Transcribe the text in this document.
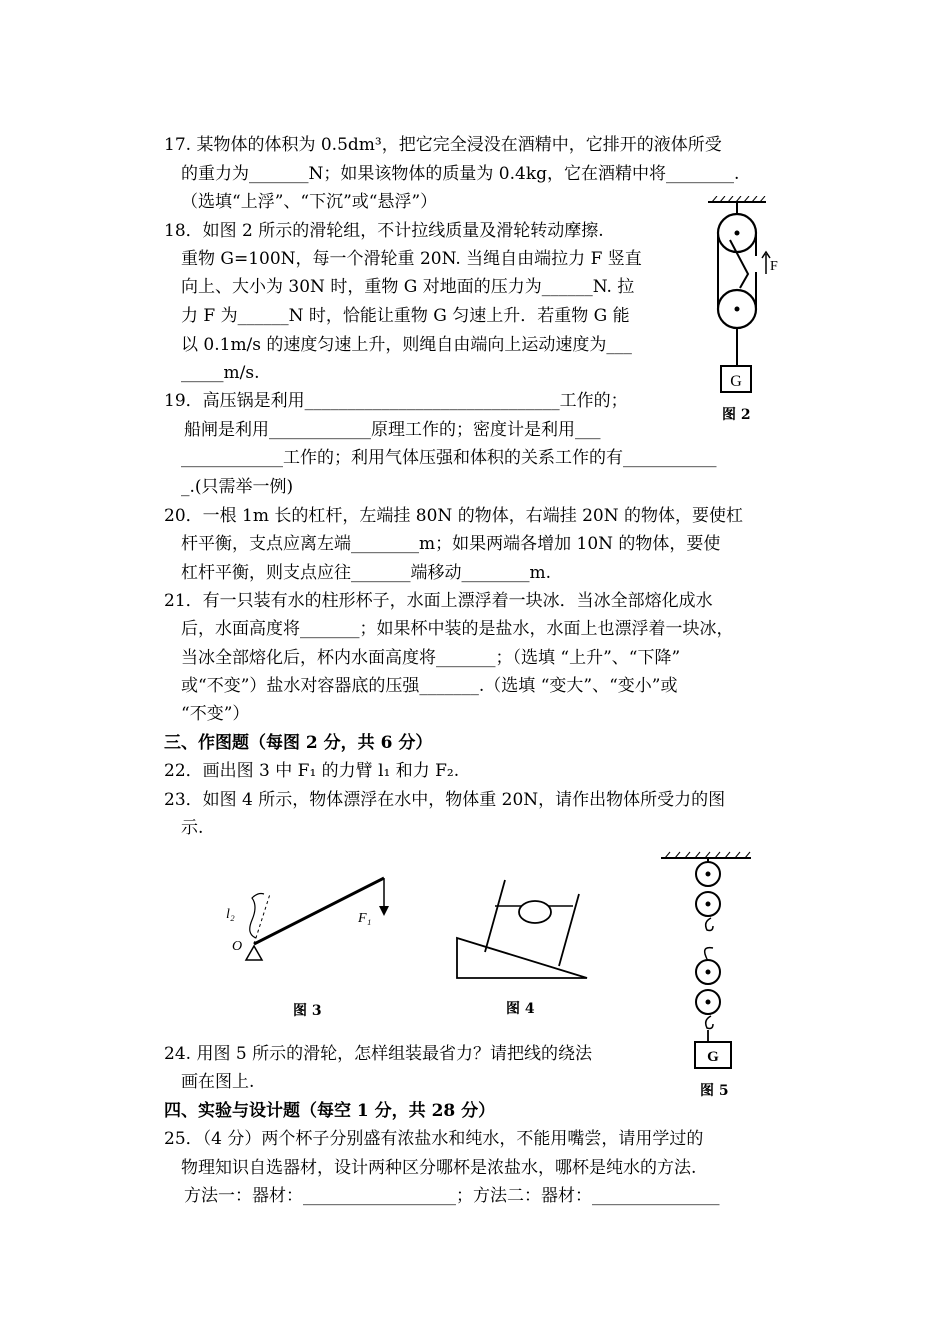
17. 某物体的体积为 0.5dm³，把它完全浸没在酒精中，它排开的液体所受
的重力为_______N；如果该物体的质量为 0.4kg，它在酒精中将________.
（选填“上浮”、“下沉”或“悬浮”）
18．如图 2 所示的滑轮组，不计拉线质量及滑轮转动摩擦.
重物 G=100N，每一个滑轮重 20N. 当绳自由端拉力 F 竖直
向上、大小为 30N 时，重物 G 对地面的压力为______N. 拉
力 F 为______N 时，恰能让重物 G 匀速上升．若重物 G 能
以 0.1m/s 的速度匀速上升，则绳自由端向上运动速度为___
_____m/s.	G
F
图 2
19．高压锅是利用______________________________工作的；
船闸是利用____________原理工作的；密度计是利用___
____________工作的；利用气体压强和体积的关系工作的有___________
_.(只需举一例)
20．一根 1m 长的杠杆，左端挂 80N 的物体，右端挂 20N 的物体，要使杠
杆平衡，支点应离左端________m；如果两端各增加 10N 的物体，要使
杠杆平衡，则支点应往_______端移动________m.
21．有一只装有水的柱形杯子，水面上漂浮着一块冰．当冰全部熔化成水
后，水面高度将_______；如果杯中装的是盐水，水面上也漂浮着一块冰，
当冰全部熔化后，杯内水面高度将_______；（选填 “上升”、“下降”
或“不变”）盐水对容器底的压强_______.（选填 “变大”、“变小”或
“不变”）
三、作图题（每图 2 分，共 6 分）
22．画出图 3 中 F₁ 的力臂 l₁ 和力 F₂.
23．如图 4 所示，物体漂浮在水中，物体重 20N，请作出物体所受力的图
示.
l₂
O
F₁
图 3	图 4
G
图 5
24. 用图 5 所示的滑轮，怎样组装最省力？请把线的绕法
画在图上.
四、实验与设计题（每空 1 分，共 28 分）
25．（4 分）两个杯子分别盛有浓盐水和纯水，不能用嘴尝，请用学过的
物理知识自选器材，设计两种区分哪杯是浓盐水，哪杯是纯水的方法.
方法一：器材：__________________；方法二：器材：_______________
